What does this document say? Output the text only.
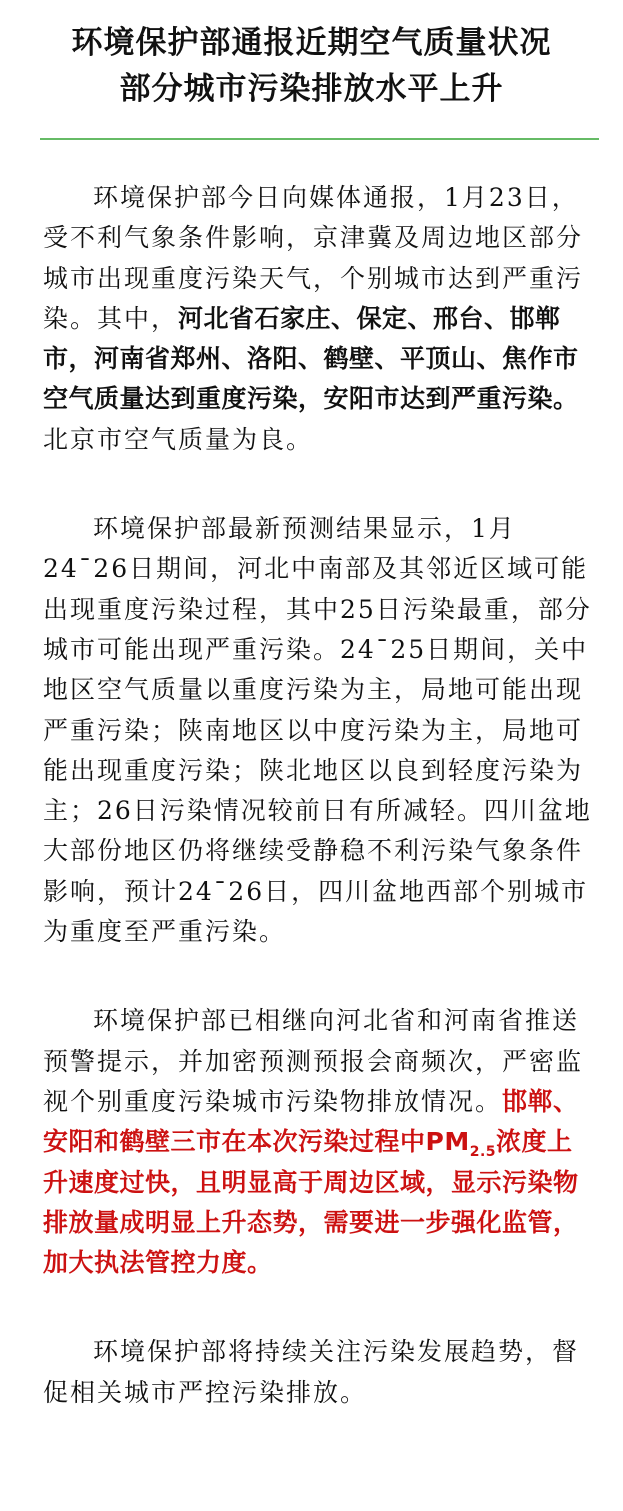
环境保护部通报近期空气质量状况
部分城市污染排放水平上升

环境保护部今日向媒体通报，1月23日，受不利气象条件影响，京津冀及周边地区部分城市出现重度污染天气，个别城市达到严重污染。其中，河北省石家庄、保定、邢台、邯郸市，河南省郑州、洛阳、鹤壁、平顶山、焦作市空气质量达到重度污染，安阳市达到严重污染。北京市空气质量为良。

环境保护部最新预测结果显示，1月24¯26日期间，河北中南部及其邻近区域可能出现重度污染过程，其中25日污染最重，部分城市可能出现严重污染。24¯25日期间，关中地区空气质量以重度污染为主，局地可能出现严重污染；陕南地区以中度污染为主，局地可能出现重度污染；陕北地区以良到轻度污染为主；26日污染情况较前日有所减轻。四川盆地大部份地区仍将继续受静稳不利污染气象条件影响，预计24¯26日，四川盆地西部个别城市为重度至严重污染。

环境保护部已相继向河北省和河南省推送预警提示，并加密预测预报会商频次，严密监视个别重度污染城市污染物排放情况。邯郸、安阳和鹤壁三市在本次污染过程中$PM_{2.5}$浓度上升速度过快，且明显高于周边区域，显示污染物排放量成明显上升态势，需要进一步强化监管，加大执法管控力度。

环境保护部将持续关注污染发展趋势，督促相关城市严控污染排放。
